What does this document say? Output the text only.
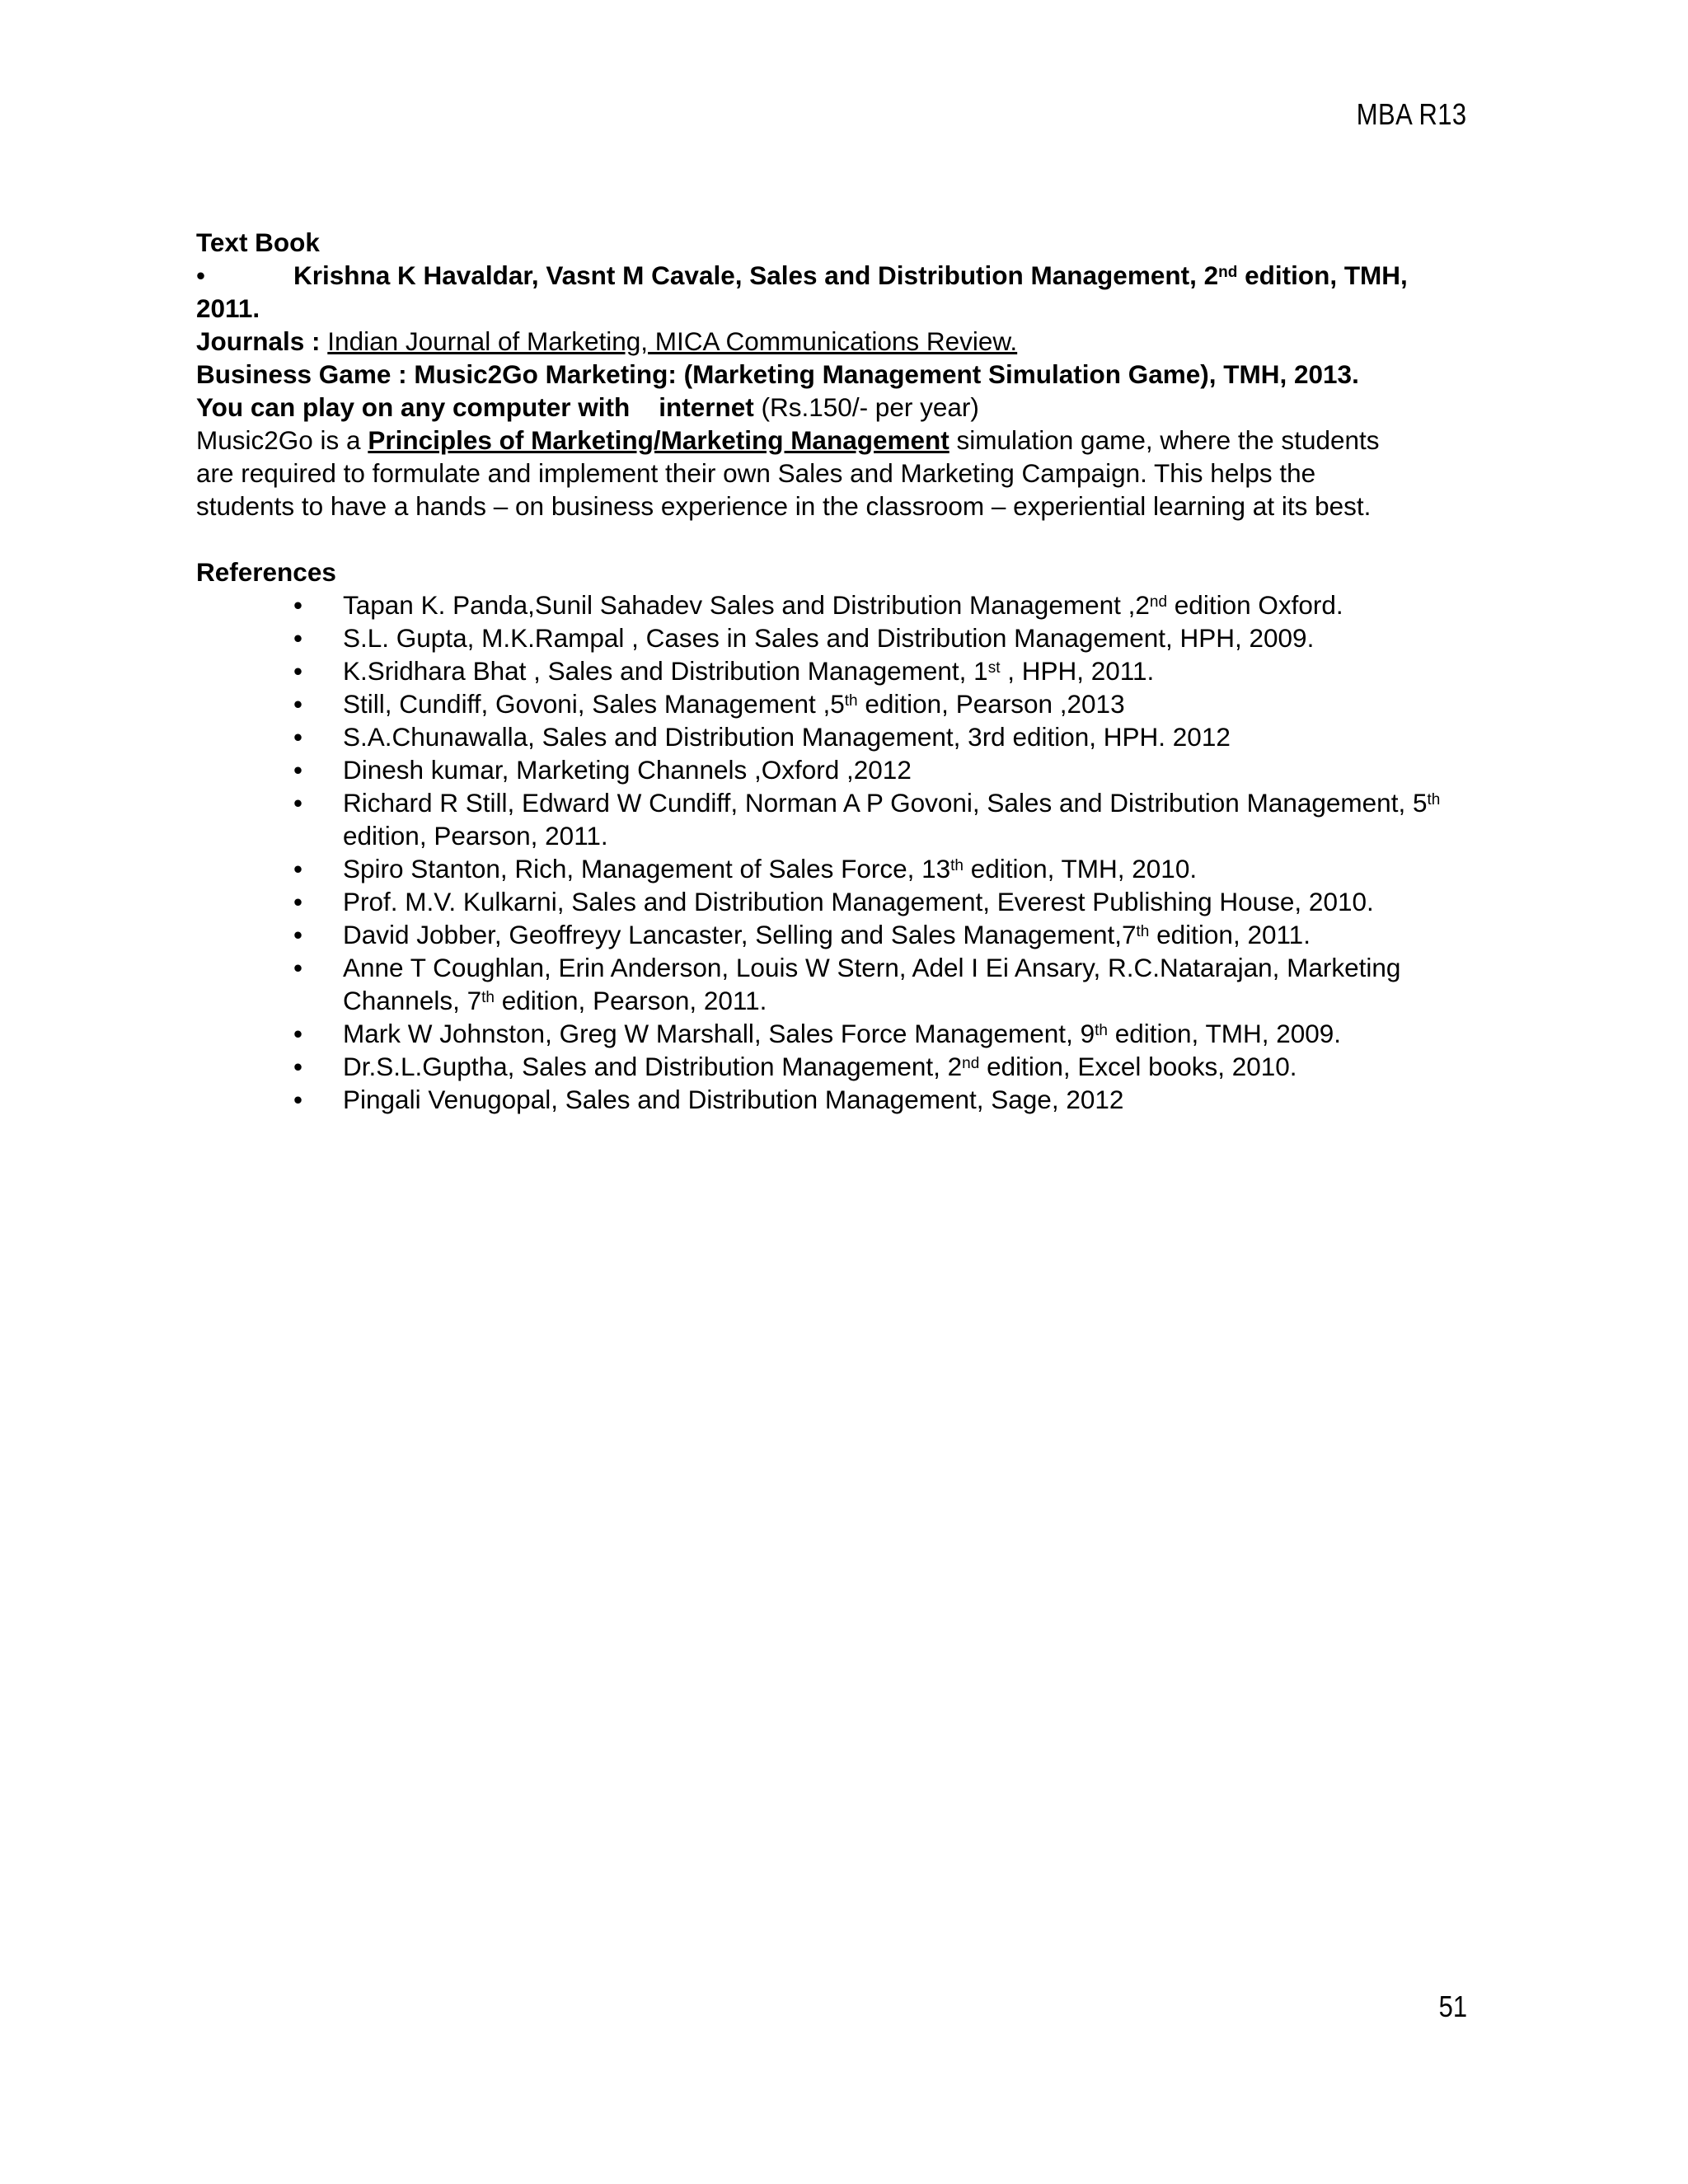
MBA R13
Text Book
•	Krishna K Havaldar, Vasnt M Cavale, Sales and Distribution Management, 2nd edition, TMH,
2011.
Journals : Indian Journal of Marketing, MICA Communications Review.
Business Game : Music2Go Marketing: (Marketing Management Simulation Game), TMH, 2013.
You can play on any computer with    internet (Rs.150/- per year)
Music2Go is a Principles of Marketing/Marketing Management simulation game, where the students
are required to formulate and implement their own Sales and Marketing Campaign. This helps the
students to have a hands – on business experience in the classroom – experiential learning at its best.
References
•	Tapan K. Panda,Sunil Sahadev Sales and Distribution Management ,2nd edition Oxford.
•	S.L. Gupta, M.K.Rampal , Cases in Sales and Distribution Management, HPH, 2009.
•	K.Sridhara Bhat , Sales and Distribution Management, 1st , HPH, 2011.
•	Still, Cundiff, Govoni, Sales Management ,5th edition, Pearson ,2013
•	S.A.Chunawalla, Sales and Distribution Management, 3rd edition, HPH. 2012
•	Dinesh kumar, Marketing Channels ,Oxford ,2012
•	Richard R Still, Edward W Cundiff, Norman A P Govoni, Sales and Distribution Management, 5th edition, Pearson, 2011.
•	Spiro Stanton, Rich, Management of Sales Force, 13th edition, TMH, 2010.
•	Prof. M.V. Kulkarni, Sales and Distribution Management, Everest Publishing House, 2010.
•	David Jobber, Geoffreyy Lancaster, Selling and Sales Management,7th edition, 2011.
•	Anne T Coughlan, Erin Anderson, Louis W Stern, Adel I Ei Ansary, R.C.Natarajan, Marketing Channels, 7th edition, Pearson, 2011.
•	Mark W Johnston, Greg W Marshall, Sales Force Management, 9th edition, TMH, 2009.
•	Dr.S.L.Guptha, Sales and Distribution Management, 2nd edition, Excel books, 2010.
•	Pingali Venugopal, Sales and Distribution Management, Sage, 2012
51
